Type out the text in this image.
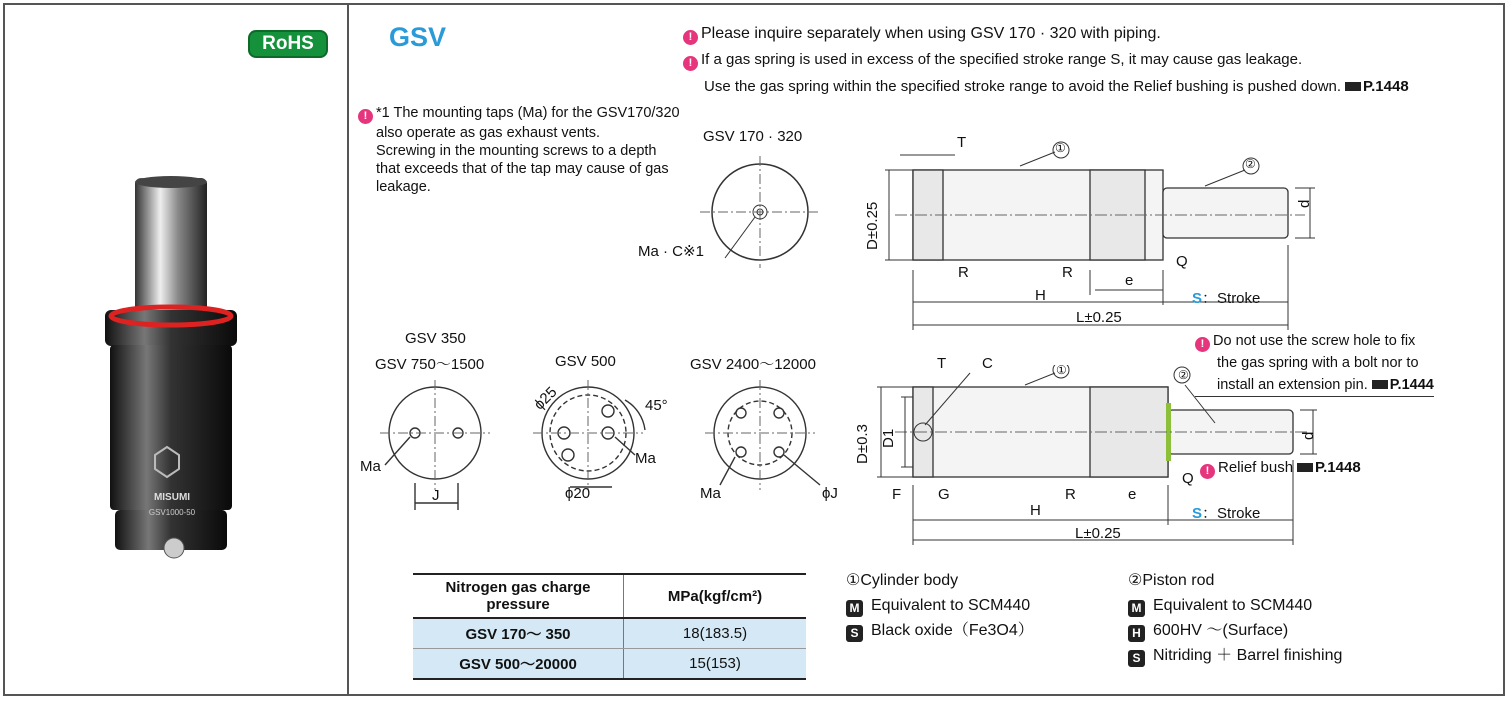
RoHS
MISUMI
GSV1000-50
GSV	! Please inquire separately when using GSV 170 · 320 with piping.
! If a gas spring is used in excess of the specified stroke range S, it may cause gas leakage.
Use the gas spring within the specified stroke range to avoid the Relief bushing is pushed down. P.1448
! *1 The mounting taps (Ma) for the GSV170/320
also operate as gas exhaust vents.
Screwing in the mounting screws to a depth
that exceeds that of the tap may cause of gas
leakage.
GSV 170 · 320
Ma · C※1
T	①
②
D±0.25	d
R	R
Q
e
H	S：Stroke
L±0.25
! Do not use the screw hole to fix
the gas spring with a bolt nor to
install an extension pin. P.1444
GSV 350
GSV 750～1500	GSV 500	GSV 2400～12000
Ma
J
ϕ25	45°
Ma
ϕ20	Ma	ϕJ
T C	①	②
D±0.3 D1	d
! Relief bush P.1448
Q
F G	R	e
H	S：Stroke
L±0.25
Nitrogen gas charge pressure	MPa(kgf/cm²)
GSV 170～ 350	18(183.5)
GSV 500～20000	15(153)
①Cylinder body
M Equivalent to SCM440
S Black oxide（Fe3O4）
②Piston rod
M Equivalent to SCM440
H 600HV ～(Surface)
S Nitriding ＋ Barrel finishing
